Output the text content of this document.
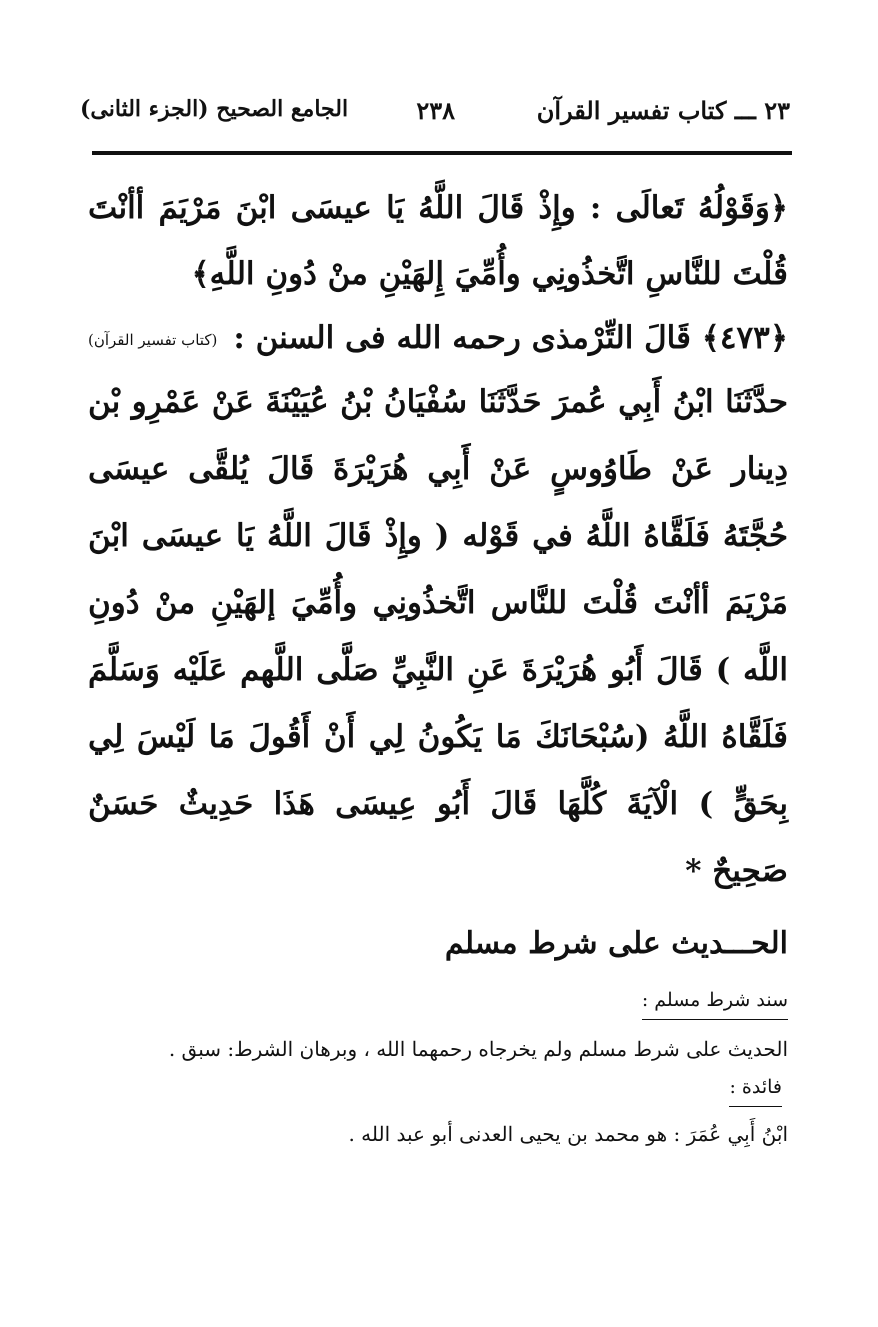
٢٣ ـــ كتاب تفسير القرآن
٢٣٨
الجامع الصحيح (الجزء الثانى)

﴿وَقَوْلُهُ تَعالَى : وإِذْ قَالَ اللَّهُ يَا عيسَى ابْنَ مَرْيَمَ أأنْتَ قُلْتَ للنَّاسِ اتَّخذُونِي وأُمِّيَ إِلهَيْنِ منْ دُونِ اللَّهِ﴾

﴿٤٧٣﴾ قَالَ التِّرْمذى رحمه الله فى السنن :
(كتاب تفسير القرآن)

حدَّثَنَا ابْنُ أَبِي عُمرَ حَدَّثَنَا سُفْيَانُ بْنُ عُيَيْنَةَ عَنْ عَمْرِو بْن دِينار عَنْ طَاوُوسٍ عَنْ أَبِي هُرَيْرَةَ قَالَ يُلقَّى عيسَى حُجَّتَهُ فَلَقَّاهُ اللَّهُ في قَوْله ( وإِذْ قَالَ اللَّهُ يَا عيسَى ابْنَ مَرْيَمَ أأنْتَ قُلْتَ للنَّاس اتَّخذُونِي وأُمِّيَ إلهَيْنِ منْ دُونِ اللَّه ) قَالَ أَبُو هُرَيْرَةَ عَنِ النَّبِيِّ صَلَّى اللَّهم عَلَيْه وَسَلَّمَ فَلَقَّاهُ اللَّهُ (سُبْحَانَكَ مَا يَكُونُ لِي أَنْ أَقُولَ مَا لَيْسَ لِي بِحَقٍّ ) الْآيَةَ كُلَّهَا قَالَ أَبُو عِيسَى هَذَا حَدِيثٌ حَسَنٌ صَحِيحٌ *

الحـــديث على شرط مسلم

سند شرط مسلم :

الحديث على شرط مسلم ولم يخرجاه رحمهما الله ، وبرهان الشرط: سبق .

فائدة :

ابْنُ أَبِي عُمَرَ : هو محمد بن يحيى العدنى أبو عبد الله .
